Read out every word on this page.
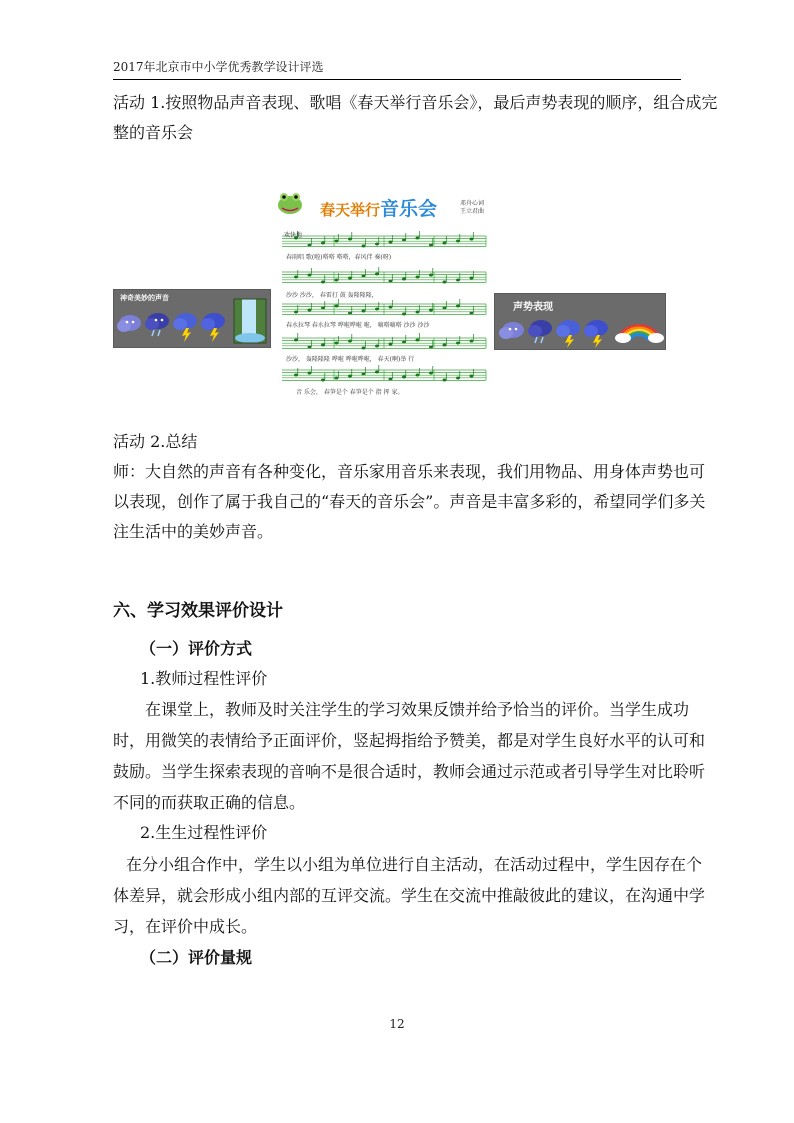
2017年北京市中小学优秀教学设计评选
活动 1.按照物品声音表现、歌唱《春天举行音乐会》，最后声势表现的顺序，组合成完
整的音乐会
神奇美妙的声音
春天举行音乐会	邓舟心词
王立君曲
欢快地
春雨唱 歌(啦)嗒嗒 嗒嗒，春风伴 奏(呀)
沙沙 沙沙， 春雷打 鼓 轰隆隆隆，
春水拉琴 春水拉琴 哗啦哗啦 啦， 嘀嗒嘀嗒 沙沙 沙沙
沙沙， 轰隆隆隆 哗啦 哗啦哗啦， 春天(啊)举 行
音 乐会， 春笋是个 春笋是个 指 挥 家。
声势表现
活动 2.总结
师：大自然的声音有各种变化，音乐家用音乐来表现，我们用物品、用身体声势也可
以表现，创作了属于我自己的“春天的音乐会”。声音是丰富多彩的，希望同学们多关
注生活中的美妙声音。
六、学习效果评价设计
（一）评价方式
1.教师过程性评价
在课堂上，教师及时关注学生的学习效果反馈并给予恰当的评价。当学生成功
时，用微笑的表情给予正面评价，竖起拇指给予赞美，都是对学生良好水平的认可和
鼓励。当学生探索表现的音响不是很合适时，教师会通过示范或者引导学生对比聆听
不同的而获取正确的信息。
2.生生过程性评价
在分小组合作中，学生以小组为单位进行自主活动，在活动过程中，学生因存在个
体差异，就会形成小组内部的互评交流。学生在交流中推敲彼此的建议，在沟通中学
习，在评价中成长。
（二）评价量规
12
